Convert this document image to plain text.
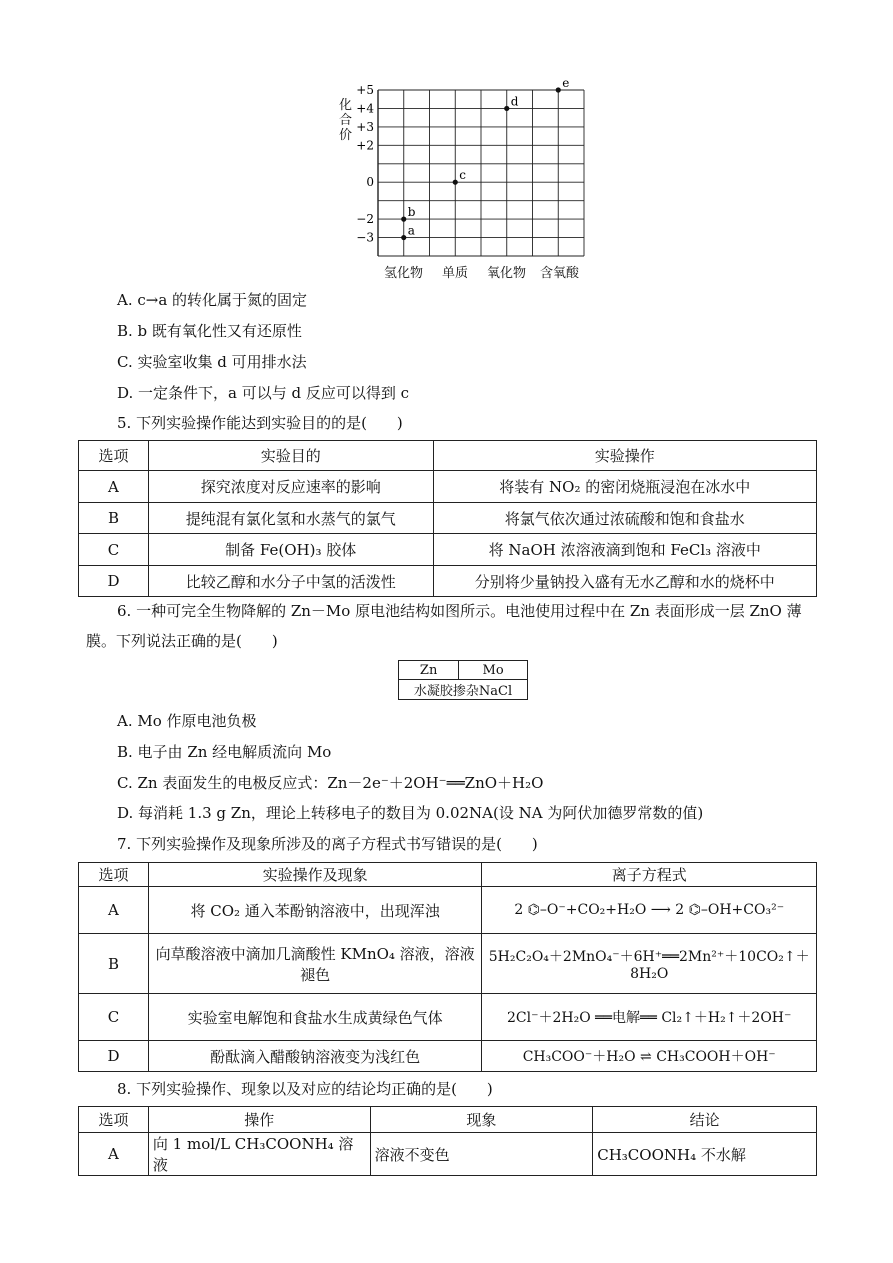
+5
+4
+3
+2
0
−2
−3	a
b
c
d
e
化合价
氢化物 单质 氧化物 含氧酸
A. c→a 的转化属于氮的固定
B. b 既有氧化性又有还原性
C. 实验室收集 d 可用排水法
D. 一定条件下，a 可以与 d 反应可以得到 c
5. 下列实验操作能达到实验目的的是(　　)
选项	实验目的	实验操作
A	探究浓度对反应速率的影响	将装有 NO₂ 的密闭烧瓶浸泡在冰水中
B	提纯混有氯化氢和水蒸气的氯气	将氯气依次通过浓硫酸和饱和食盐水
C	制备 Fe(OH)₃ 胶体	将 NaOH 浓溶液滴到饱和 FeCl₃ 溶液中
D	比较乙醇和水分子中氢的活泼性	分别将少量钠投入盛有无水乙醇和水的烧杯中
6. 一种可完全生物降解的 Zn－Mo 原电池结构如图所示。电池使用过程中在 Zn 表面形成一层 ZnO 薄
膜。下列说法正确的是(　　)
Zn	Mo
水凝胶掺杂NaCl
A. Mo 作原电池负极
B. 电子由 Zn 经电解质流向 Mo
C. Zn 表面发生的电极反应式：Zn－2e⁻＋2OH⁻══ZnO＋H₂O
D. 每消耗 1.3 g Zn，理论上转移电子的数目为 0.02NA(设 NA 为阿伏加德罗常数的值)
7. 下列实验操作及现象所涉及的离子方程式书写错误的是(　　)
选项	实验操作及现象	离子方程式
A	将 CO₂ 通入苯酚钠溶液中，出现浑浊	2 ⌬–O⁻+CO₂+H₂O ⟶ 2 ⌬–OH+CO₃²⁻
B	向草酸溶液中滴加几滴酸性 KMnO₄ 溶液，溶液褪色	5H₂C₂O₄＋2MnO₄⁻＋6H⁺══2Mn²⁺＋10CO₂↑＋8H₂O
C	实验室电解饱和食盐水生成黄绿色气体	2Cl⁻＋2H₂O ══电解══ Cl₂↑＋H₂↑＋2OH⁻
D	酚酞滴入醋酸钠溶液变为浅红色	CH₃COO⁻＋H₂O ⇌ CH₃COOH＋OH⁻
8. 下列实验操作、现象以及对应的结论均正确的是(　　)
选项	操作	现象	结论
A	向 1 mol/L CH₃COONH₄ 溶液	溶液不变色	CH₃COONH₄ 不水解
